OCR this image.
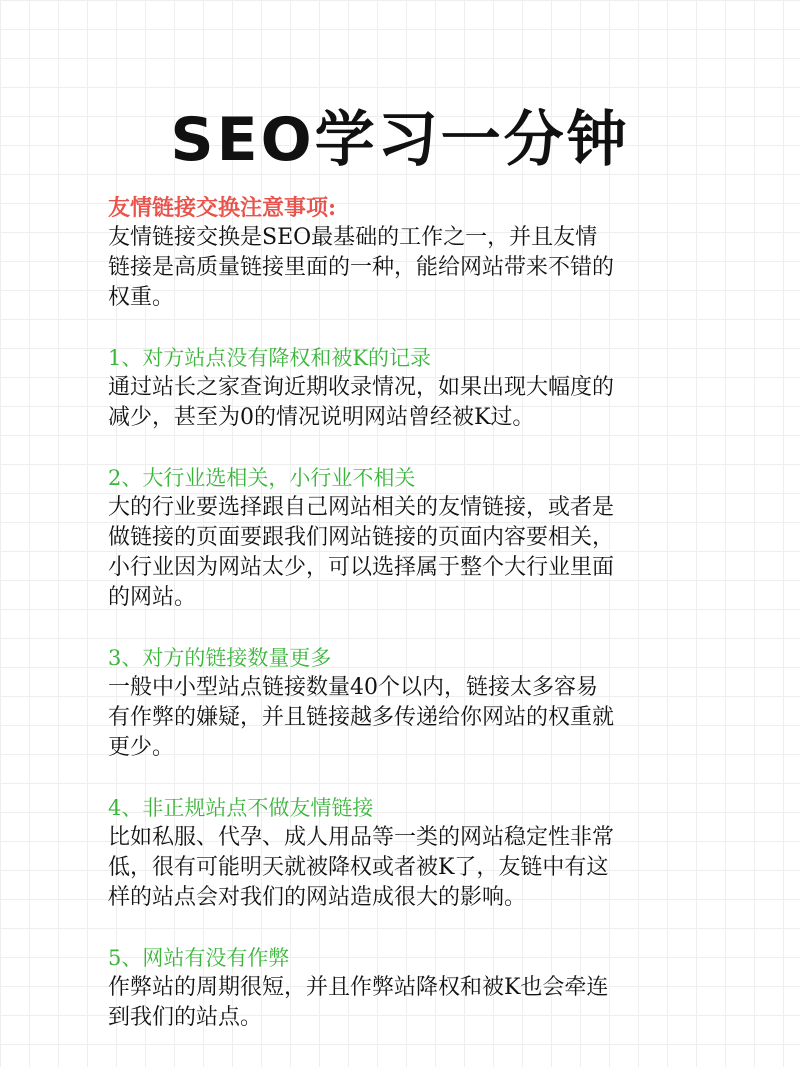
SEO学习一分钟
友情链接交换注意事项:
友情链接交换是SEO最基础的工作之一，并且友情
链接是高质量链接里面的一种，能给网站带来不错的
权重。
1、对方站点没有降权和被K的记录
通过站长之家查询近期收录情况，如果出现大幅度的
减少，甚至为0的情况说明网站曾经被K过。
2、大行业选相关，小行业不相关
大的行业要选择跟自己网站相关的友情链接，或者是
做链接的页面要跟我们网站链接的页面内容要相关，
小行业因为网站太少，可以选择属于整个大行业里面
的网站。
3、对方的链接数量更多
一般中小型站点链接数量40个以内，链接太多容易
有作弊的嫌疑，并且链接越多传递给你网站的权重就
更少。
4、非正规站点不做友情链接
比如私服、代孕、成人用品等一类的网站稳定性非常
低，很有可能明天就被降权或者被K了，友链中有这
样的站点会对我们的网站造成很大的影响。
5、网站有没有作弊
作弊站的周期很短，并且作弊站降权和被K也会牵连
到我们的站点。
